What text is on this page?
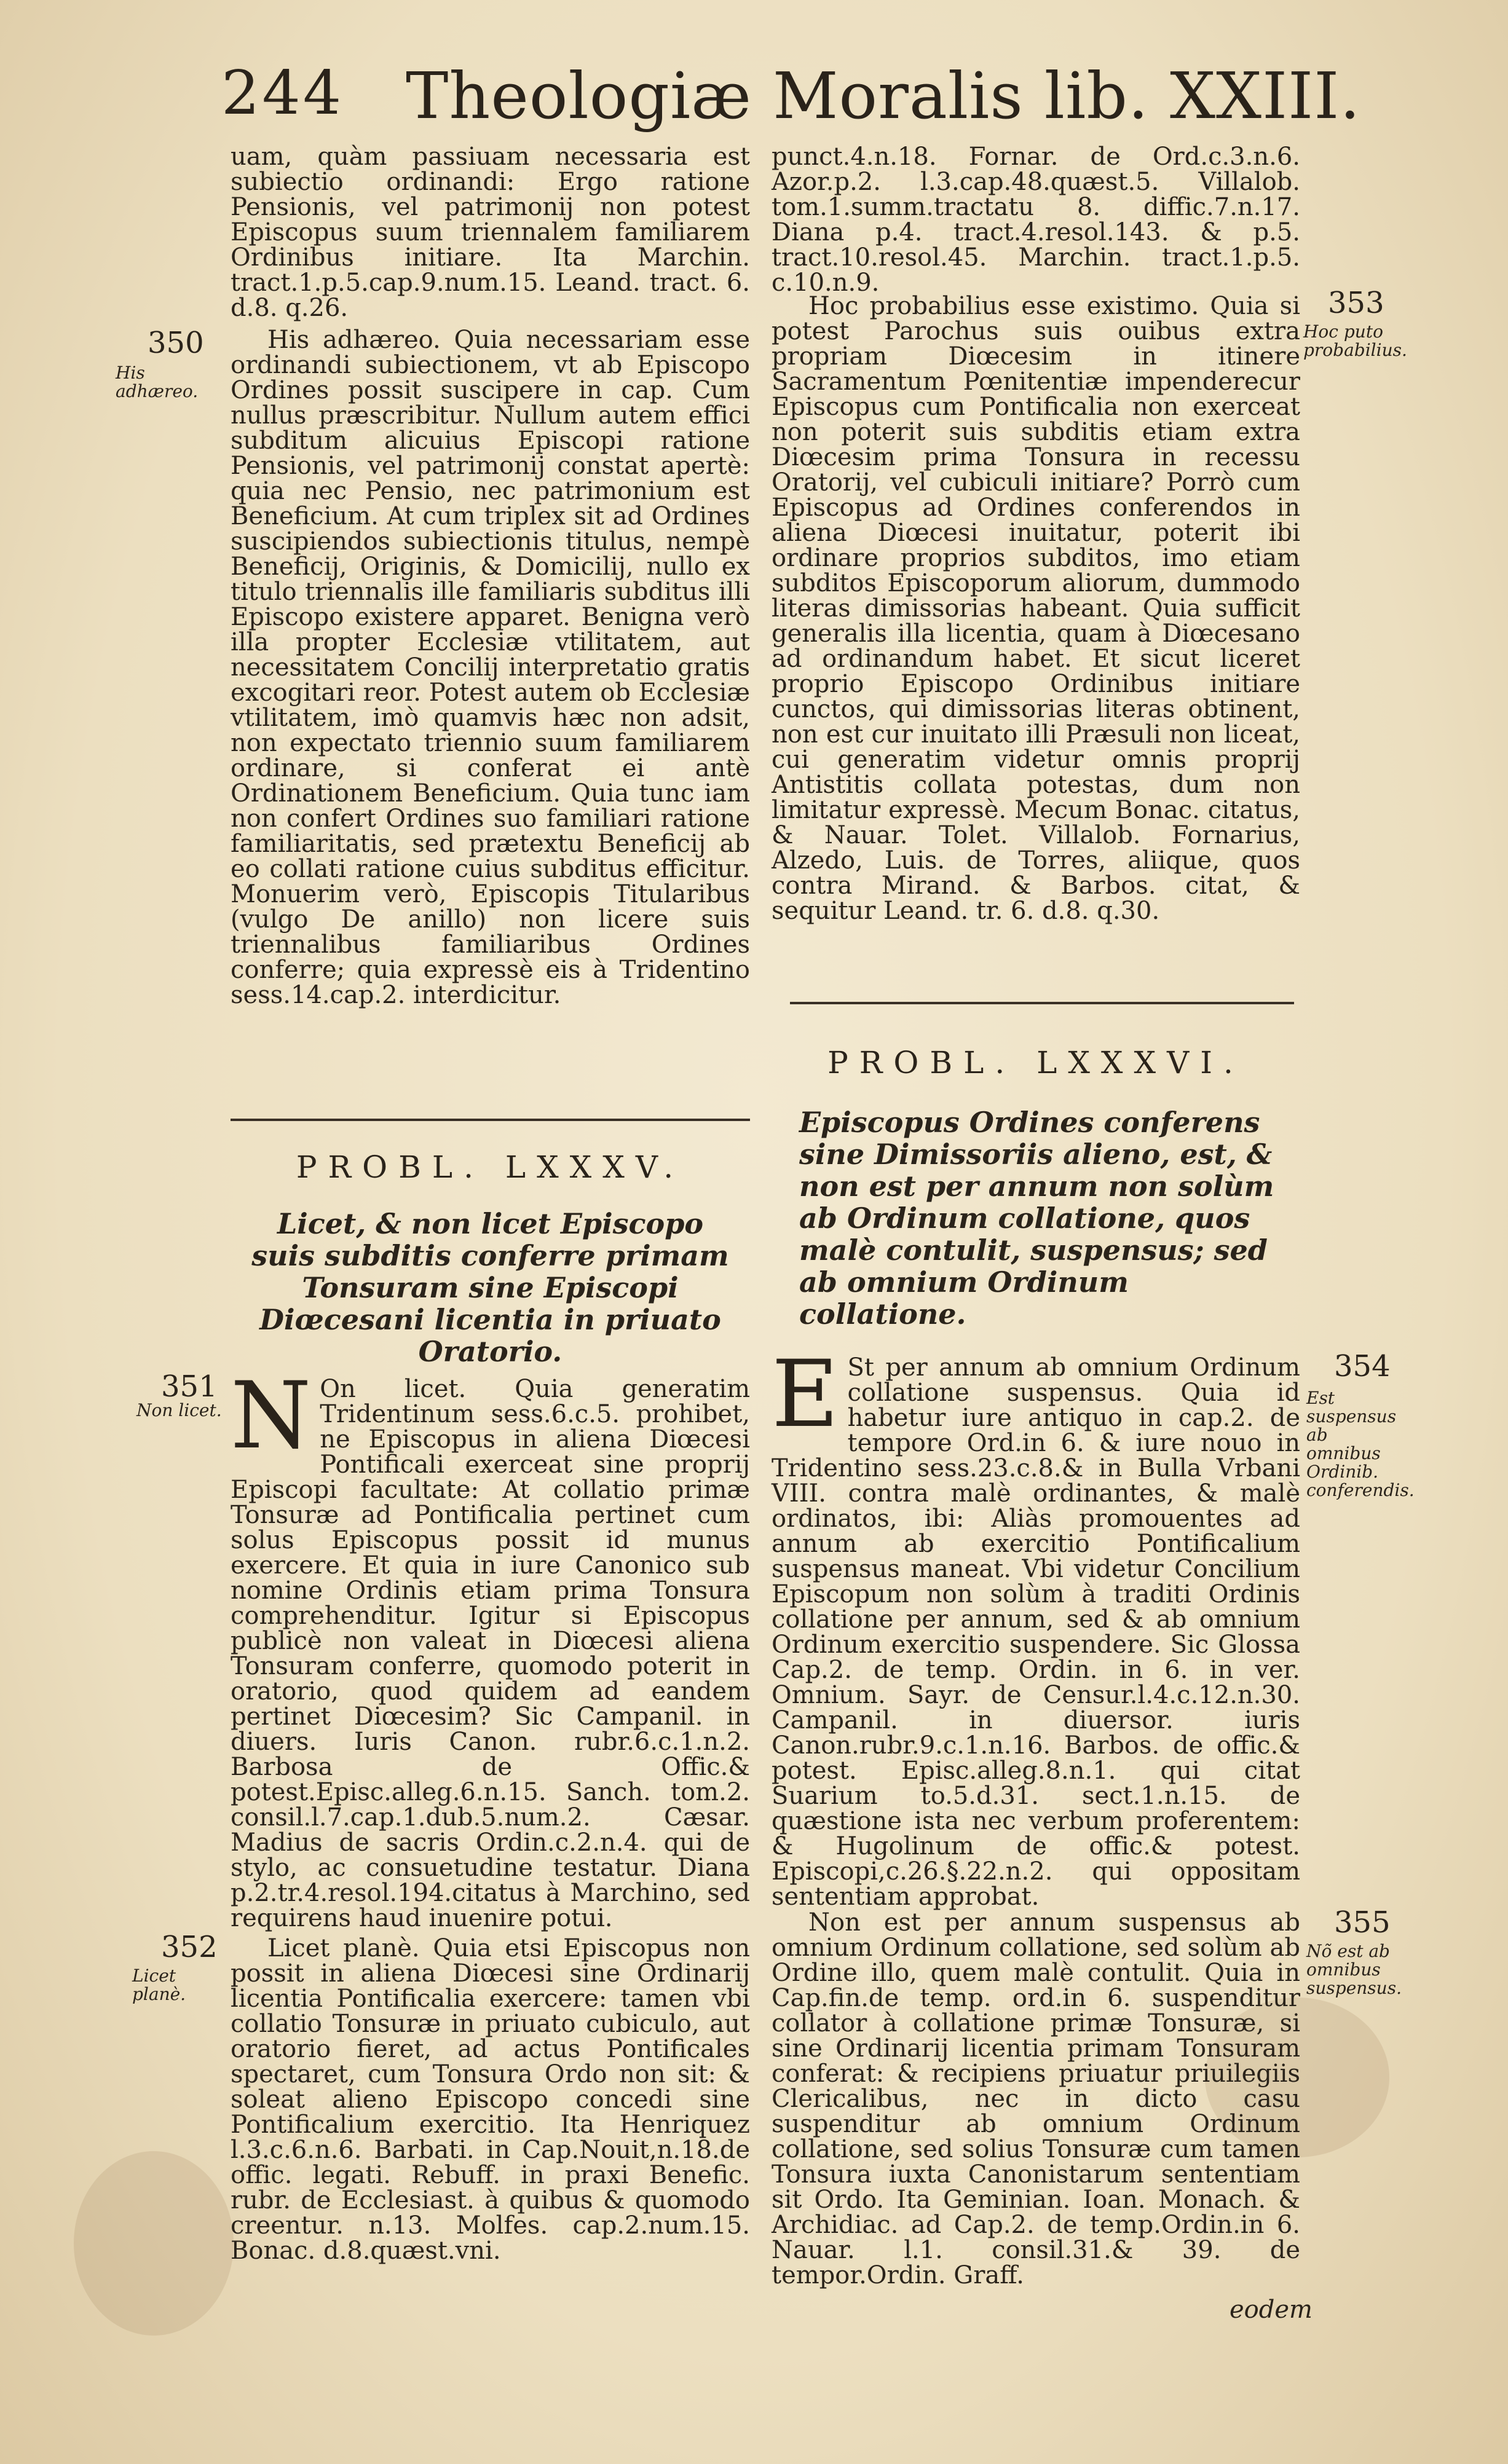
244 Theologiæ Moralis lib. XXIII.

uam, quàm passiuam necessaria est subiectio ordinandi: Ergo ratione Pensionis, vel patrimonij non potest Episcopus suum triennalem familiarem Ordinibus initiare. Ita Marchin. tract.1.p.5.cap.9.num.15. Leand. tract. 6. d.8. q.26.

350
His adhæreo.

His adhæreo. Quia necessariam esse ordinandi subiectionem, vt ab Episcopo Ordines possit suscipere in cap. Cum nullus præscribitur. Nullum autem effici subditum alicuius Episcopi ratione Pensionis, vel patrimonij constat apertè: quia nec Pensio, nec patrimonium est Beneficium. At cum triplex sit ad Ordines suscipiendos subiectionis titulus, nempè Beneficij, Originis, & Domicilij, nullo ex titulo triennalis ille familiaris subditus illi Episcopo existere apparet. Benigna verò illa propter Ecclesiæ vtilitatem, aut necessitatem Concilij interpretatio gratis excogitari reor. Potest autem ob Ecclesiæ vtilitatem, imò quamvis hæc non adsit, non expectato triennio suum familiarem ordinare, si conferat ei antè Ordinationem Beneficium. Quia tunc iam non confert Ordines suo familiari ratione familiaritatis, sed prætextu Beneficij ab eo collati ratione cuius subditus efficitur. Monuerim verò, Episcopis Titularibus (vulgo De anillo) non licere suis triennalibus familiaribus Ordines conferre; quia expressè eis à Tridentino sess.14.cap.2. interdicitur.

PROBL. LXXXV.
Licet, & non licet Episcopo suis subditis conferre primam Tonsuram sine Episcopi Diœcesani licentia in priuato Oratorio.
351
Non licet. N On licet. Quia generatim Tridentinum sess.6.c.5. prohibet, ne Episcopus in aliena Diœcesi Pontificali exerceat sine proprij Episcopi facultate: At collatio primæ Tonsuræ ad Pontificalia pertinet cum solus Episcopus possit id munus exercere. Et quia in iure Canonico sub nomine Ordinis etiam prima Tonsura comprehenditur. Igitur si Episcopus publicè non valeat in Diœcesi aliena Tonsuram conferre, quomodo poterit in oratorio, quod quidem ad eandem pertinet Diœcesim? Sic Campanil. in diuers. Iuris Canon. rubr.6.c.1.n.2. Barbosa de Offic.& potest.Episc.alleg.6.n.15. Sanch. tom.2. consil.l.7.cap.1.dub.5.num.2. Cæsar. Madius de sacris Ordin.c.2.n.4. qui de stylo, ac consuetudine testatur. Diana p.2.tr.4.resol.194.citatus à Marchino, sed requirens haud inuenire potui.
352
Licet planè.

Licet planè. Quia etsi Episcopus non possit in aliena Diœcesi sine Ordinarij licentia Pontificalia exercere: tamen vbi collatio Tonsuræ in priuato cubiculo, aut oratorio fieret, ad actus Pontificales spectaret, cum Tonsura Ordo non sit: & soleat alieno Episcopo concedi sine Pontificalium exercitio. Ita Henriquez l.3.c.6.n.6. Barbati. in Cap.Nouit,n.18.de offic. legati. Rebuff. in praxi Benefic. rubr. de Ecclesiast. à quibus & quomodo creentur. n.13. Molfes. cap.2.num.15. Bonac. d.8.quæst.vni.

punct.4.n.18. Fornar. de Ord.c.3.n.6. Azor.p.2. l.3.cap.48.quæst.5. Villalob. tom.1.summ.tractatu 8. diffic.7.n.17. Diana p.4. tract.4.resol.143. & p.5. tract.10.resol.45. Marchin. tract.1.p.5. c.10.n.9.

353
Hoc puto probabilius.

Hoc probabilius esse existimo. Quia si potest Parochus suis ouibus extra propriam Diœcesim in itinere Sacramentum Pœnitentiæ impenderecur Episcopus cum Pontificalia non exerceat non poterit suis subditis etiam extra Diœcesim prima Tonsura in recessu Oratorij, vel cubiculi initiare? Porrò cum Episcopus ad Ordines conferendos in aliena Diœcesi inuitatur, poterit ibi ordinare proprios subditos, imo etiam subditos Episcoporum aliorum, dummodo literas dimissorias habeant. Quia sufficit generalis illa licentia, quam à Diœcesano ad ordinandum habet. Et sicut liceret proprio Episcopo Ordinibus initiare cunctos, qui dimissorias literas obtinent, non est cur inuitato illi Præsuli non liceat, cui generatim videtur omnis proprij Antistitis collata potestas, dum non limitatur expressè. Mecum Bonac. citatus, & Nauar. Tolet. Villalob. Fornarius, Alzedo, Luis. de Torres, aliique, quos contra Mirand. & Barbos. citat, & sequitur Leand. tr. 6. d.8. q.30.

PROBL. LXXXVI.
Episcopus Ordines conferens sine Dimissoriis alieno, est, & non est per annum non solùm ab Ordinum collatione, quos malè contulit, suspensus; sed ab omnium Ordinum collatione.
354
Est suspensus ab omnibus Ordinib. conferendis.
E St per annum ab omnium Ordinum collatione suspensus. Quia id habetur iure antiquo in cap.2. de tempore Ord.in 6. & iure nouo in Tridentino sess.23.c.8.& in Bulla Vrbani VIII. contra malè ordinantes, & malè ordinatos, ibi: Aliàs promouentes ad annum ab exercitio Pontificalium suspensus maneat. Vbi videtur Concilium Episcopum non solùm à traditi Ordinis collatione per annum, sed & ab omnium Ordinum exercitio suspendere. Sic Glossa Cap.2. de temp. Ordin. in 6. in ver. Omnium. Sayr. de Censur.l.4.c.12.n.30. Campanil. in diuersor. iuris Canon.rubr.9.c.1.n.16. Barbos. de offic.& potest. Episc.alleg.8.n.1. qui citat Suarium to.5.d.31. sect.1.n.15. de quæstione ista nec verbum proferentem: & Hugolinum de offic.& potest. Episcopi,c.26.§.22.n.2. qui oppositam sententiam approbat.
355
Nõ est ab omnibus suspensus.

Non est per annum suspensus ab omnium Ordinum collatione, sed solùm ab Ordine illo, quem malè contulit. Quia in Cap.fin.de temp. ord.in 6. suspenditur collator à collatione primæ Tonsuræ, si sine Ordinarij licentia primam Tonsuram conferat: & recipiens priuatur priuilegiis Clericalibus, nec in dicto casu suspenditur ab omnium Ordinum collatione, sed solius Tonsuræ cum tamen Tonsura iuxta Canonistarum sententiam sit Ordo. Ita Geminian. Ioan. Monach. & Archidiac. ad Cap.2. de temp.Ordin.in 6. Nauar. l.1. consil.31.& 39. de tempor.Ordin. Graff.

eodem
